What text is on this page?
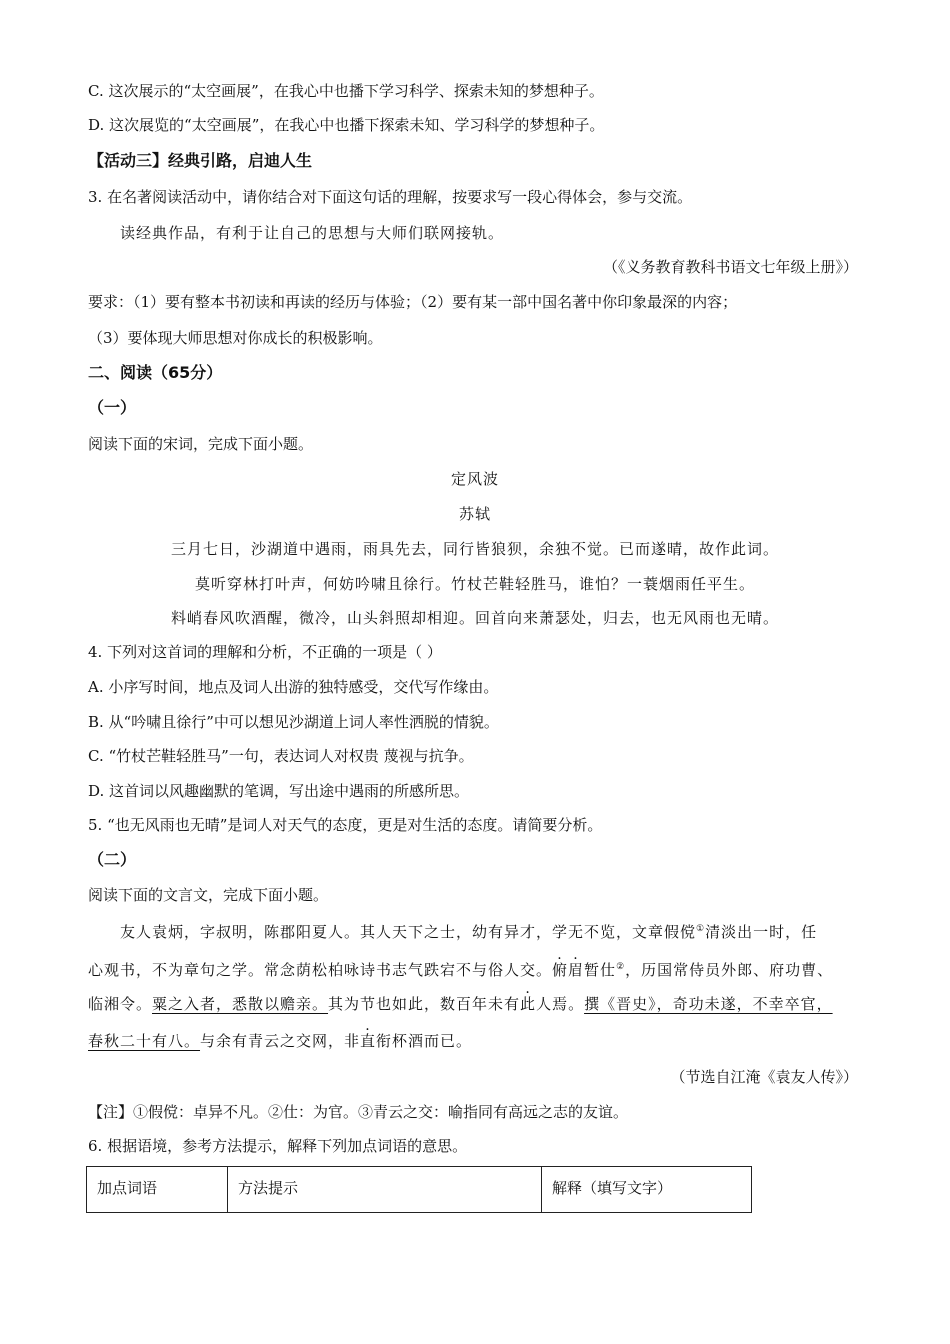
C. 这次展示的“太空画展”，在我心中也播下学习科学、探索未知的梦想种子。
D. 这次展览的“太空画展”，在我心中也播下探索未知、学习科学的梦想种子。
【活动三】经典引路，启迪人生
3. 在名著阅读活动中，请你结合对下面这句话的理解，按要求写一段心得体会，参与交流。
读经典作品，有利于让自己的思想与大师们联网接轨。
（《义务教育教科书语文七年级上册》）
要求：（1）要有整本书初读和再读的经历与体验；（2）要有某一部中国名著中你印象最深的内容；
（3）要体现大师思想对你成长的积极影响。
二、阅读（65分）
（一）
阅读下面的宋词，完成下面小题。
定风波
苏轼
三月七日，沙湖道中遇雨，雨具先去，同行皆狼狈，余独不觉。已而遂晴，故作此词。
莫听穿林打叶声，何妨吟啸且徐行。竹杖芒鞋轻胜马，谁怕？一蓑烟雨任平生。
料峭春风吹酒醒，微冷，山头斜照却相迎。回首向来萧瑟处，归去，也无风雨也无晴。
4. 下列对这首词的理解和分析，不正确的一项是（ ）
A. 小序写时间，地点及词人出游的独特感受，交代写作缘由。
B. 从“吟啸且徐行”中可以想见沙湖道上词人率性洒脱的情貌。
C. “竹杖芒鞋轻胜马”一句，表达词人对权贵 蔑视与抗争。
D. 这首词以风趣幽默的笔调，写出途中遇雨的所感所思。
5. “也无风雨也无晴”是词人对天气的态度，更是对生活的态度。请简要分析。
（二）
阅读下面的文言文，完成下面小题。
友人袁炳，字叔明，陈郡阳夏人。其人天下之士，幼有异才，学无不览，文章假傥①清淡出一时，任
心观书，不为章句之学。常念荫松柏咏诗书志气跌宕不与俗人交。俯眉暂仕②，历国常侍员外郎、府功曹、
临湘令。粟之入者，悉散以赡亲。其为节也如此，数百年未有此 ·人焉。撰《晋史》，奇功未遂，不幸卒官，
春秋二十有八。与余有青云之交网，非直 ·衔杯酒而已。
（节选自江淹《袁友人传》）
【注】①假傥：卓异不凡。②仕：为官。③青云之交：喻指同有高远之志的友谊。
6. 根据语境，参考方法提示，解释下列加点词语的意思。
加点词语	方法提示	解释（填写文字）
